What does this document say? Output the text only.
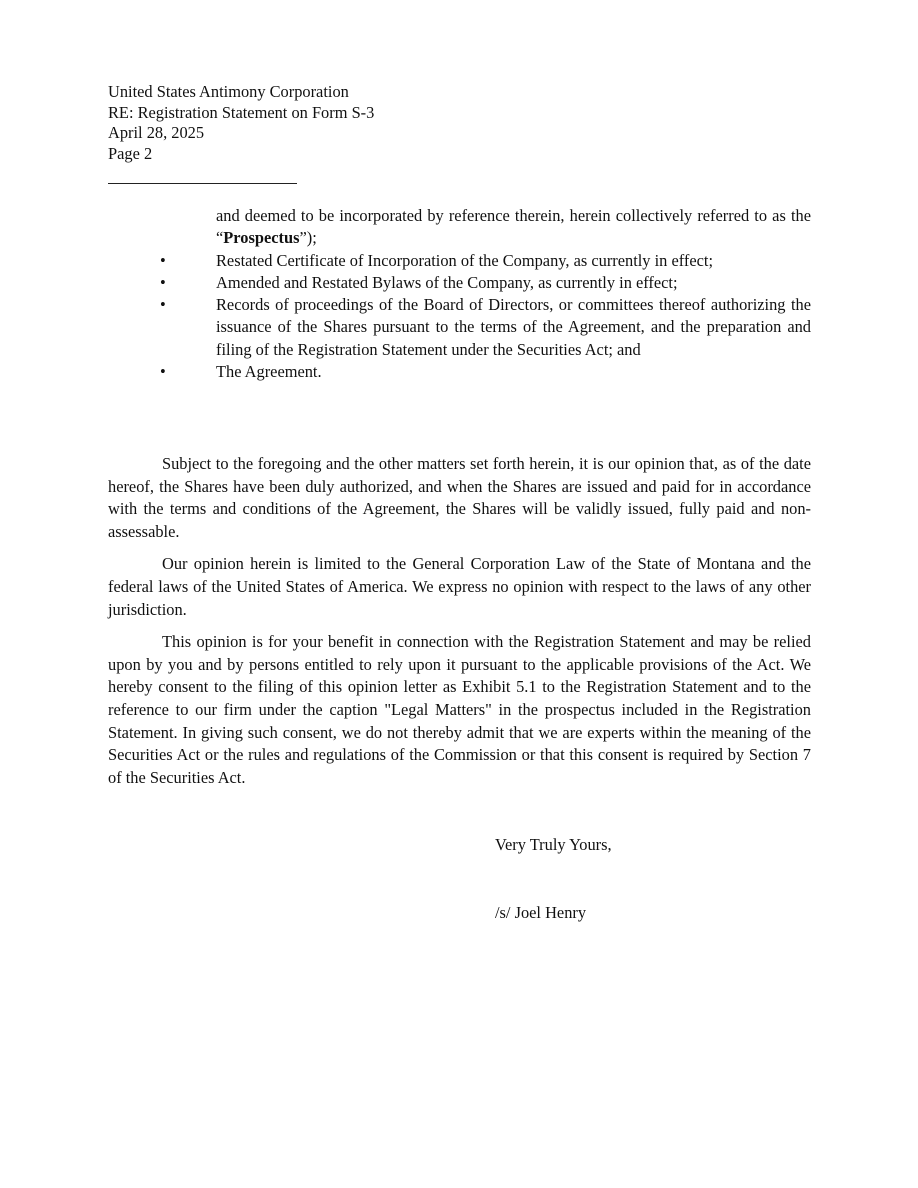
United States Antimony Corporation
RE: Registration Statement on Form S-3
April 28, 2025
Page 2
and deemed to be incorporated by reference therein, herein collectively referred to as the “Prospectus”);
•	Restated Certificate of Incorporation of the Company, as currently in effect;
•	Amended and Restated Bylaws of the Company, as currently in effect;
•	Records of proceedings of the Board of Directors, or committees thereof authorizing the issuance of the Shares pursuant to the terms of the Agreement, and the preparation and filing of the Registration Statement under the Securities Act; and
•	The Agreement.

Subject to the foregoing and the other matters set forth herein, it is our opinion that, as of the date hereof, the Shares have been duly authorized, and when the Shares are issued and paid for in accordance with the terms and conditions of the Agreement, the Shares will be validly issued, fully paid and non-assessable.

Our opinion herein is limited to the General Corporation Law of the State of Montana and the federal laws of the United States of America. We express no opinion with respect to the laws of any other jurisdiction.

This opinion is for your benefit in connection with the Registration Statement and may be relied upon by you and by persons entitled to rely upon it pursuant to the applicable provisions of the Act. We hereby consent to the filing of this opinion letter as Exhibit 5.1 to the Registration Statement and to the reference to our firm under the caption "Legal Matters" in the prospectus included in the Registration Statement. In giving such consent, we do not thereby admit that we are experts within the meaning of the Securities Act or the rules and regulations of the Commission or that this consent is required by Section 7 of the Securities Act.

Very Truly Yours,
/s/ Joel Henry
